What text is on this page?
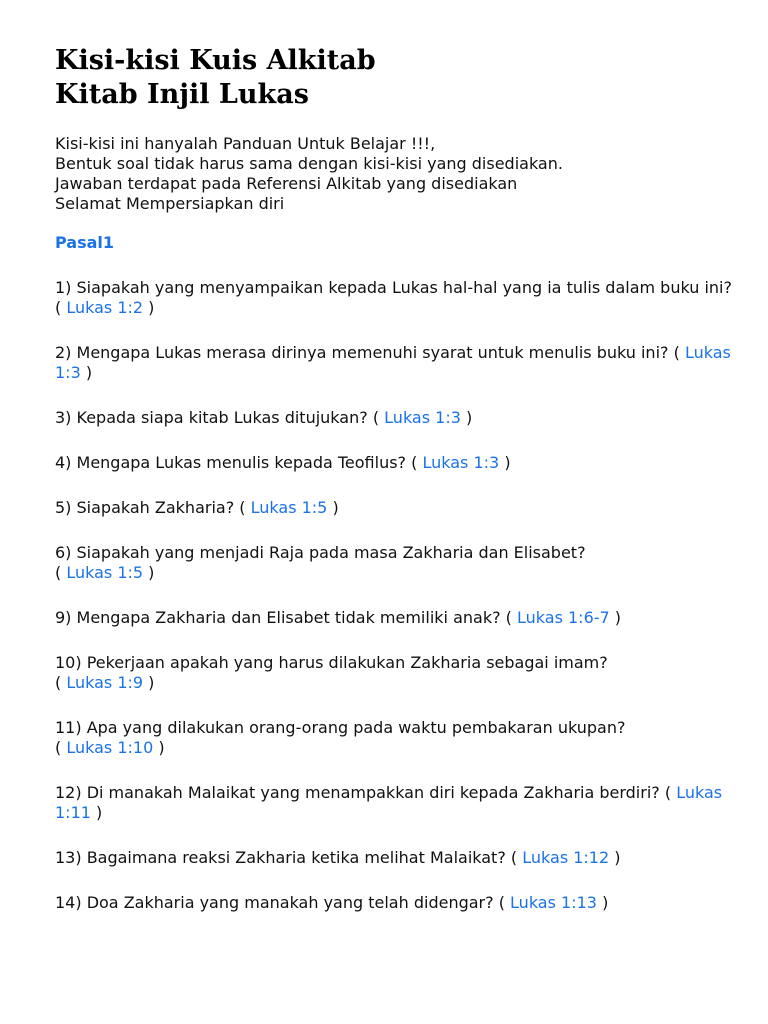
Kisi-kisi Kuis Alkitab
Kitab Injil Lukas
Kisi-kisi ini hanyalah Panduan Untuk Belajar !!!,
Bentuk soal tidak harus sama dengan kisi-kisi yang disediakan.
Jawaban terdapat pada Referensi Alkitab yang disediakan
Selamat Mempersiapkan diri
Pasal1

1) Siapakah yang menyampaikan kepada Lukas hal-hal yang ia tulis dalam buku ini? ( Lukas 1:2 )

2) Mengapa Lukas merasa dirinya memenuhi syarat untuk menulis buku ini? ( Lukas 1:3 )

3) Kepada siapa kitab Lukas ditujukan? ( Lukas 1:3 )

4) Mengapa Lukas menulis kepada Teofilus? ( Lukas 1:3 )

5) Siapakah Zakharia? ( Lukas 1:5 )

6) Siapakah yang menjadi Raja pada masa Zakharia dan Elisabet?
( Lukas 1:5 )

9) Mengapa Zakharia dan Elisabet tidak memiliki anak? ( Lukas 1:6-7 )

10) Pekerjaan apakah yang harus dilakukan Zakharia sebagai imam?
( Lukas 1:9 )

11) Apa yang dilakukan orang-orang pada waktu pembakaran ukupan?
( Lukas 1:10 )

12) Di manakah Malaikat yang menampakkan diri kepada Zakharia berdiri? ( Lukas 1:11 )

13) Bagaimana reaksi Zakharia ketika melihat Malaikat? ( Lukas 1:12 )

14) Doa Zakharia yang manakah yang telah didengar? ( Lukas 1:13 )
